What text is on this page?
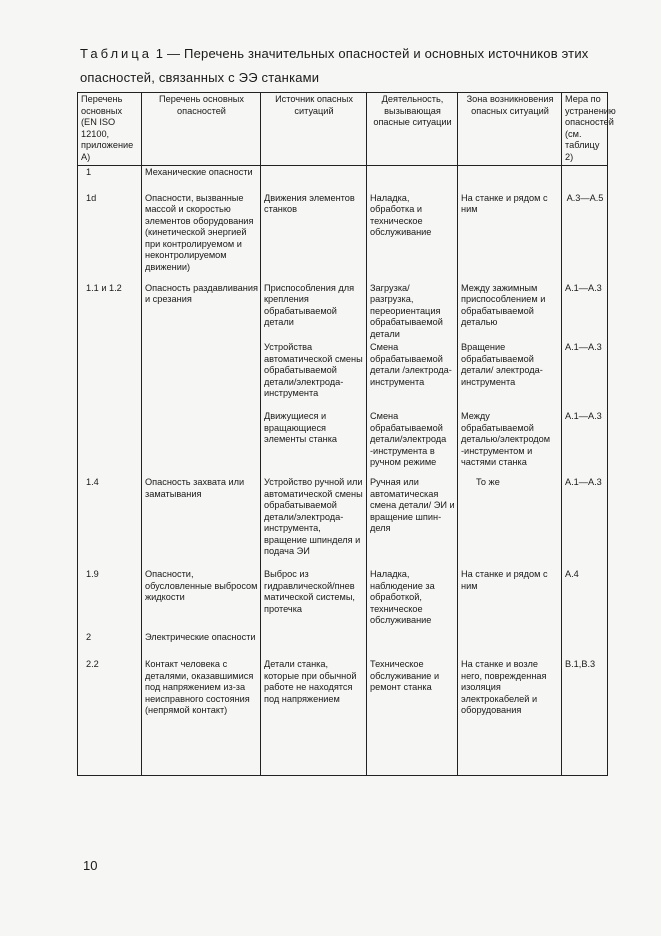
Таблица 1 — Перечень значительных опасностей и основных источников этих опасностей, связанных с ЭЭ станками
Перечень основных (EN ISO 12100, приложение А)	Перечень основных опасностей	Источник опасных ситуаций	Деятельность, вызывающая опасные ситуации	Зона возникновения опасных ситуаций	Мера по устранению опасностей (см. таблицу 2)
1	Механические опасности				
1d	Опасности, вызванные массой и скоростью элементов оборудования (кинетической энергией при контролируемом и неконтролируемом движении)	Движения элементов станков	Наладка, обработка и техническое обслуживание	На станке и рядом с ним	А.3—А.5
1.1 и 1.2	Опасность раздавливания и срезания	Приспособления для крепления обрабатываемой детали	Загрузка/ разгрузка, переориентация обрабатываемой детали	Между зажимным приспособлением и обрабатываемой деталью	А.1—А.3
		Устройства автоматической смены обрабатываемой детали/электрода-инструмента	Смена обрабатываемой детали /электрода-инструмента	Вращение обрабатываемой детали/ электрода-инструмента	А.1—А.3
		Движущиеся и вращающиеся элементы станка	Смена обрабатываемой детали/электрода -инструмента в ручном режиме	Между обрабатываемой деталью/электродом -инструментом и частями станка	А.1—А.3
1.4	Опасность захвата или заматывания	Устройство ручной или автоматической смены обрабатываемой детали/электрода-инструмента, вращение шпинделя и подача ЭИ	Ручная или автоматическая смена детали/ ЭИ и вращение шпин-деля	То же	А.1—А.3
1.9	Опасности, обусловленные выбросом жидкости	Выброс из гидравлической/пнев матической системы, протечка	Наладка, наблюдение за обработкой, техническое обслуживание	На станке и рядом с ним	А.4
2	Электрические опасности				
2.2	Контакт человека с деталями, оказавшимися под напряжением из-за неисправного состояния (непрямой контакт)	Детали станка, которые при обычной работе не находятся под напряжением	Техническое обслуживание и ремонт станка	На станке и возле него, поврежденная изоляция электрокабелей и оборудования	В.1,В.3
10
